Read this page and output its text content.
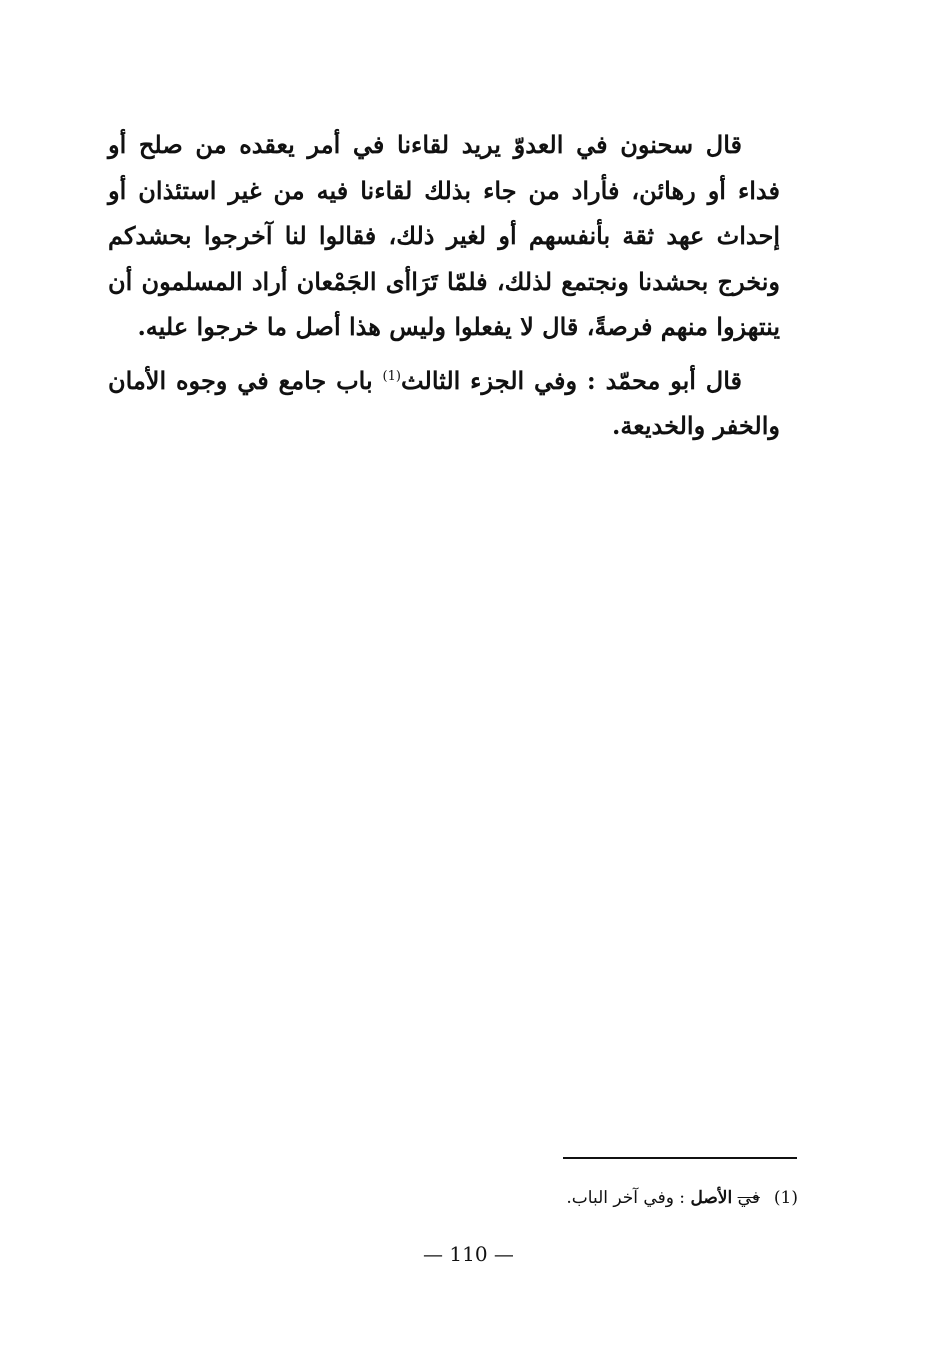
قال سحنون في العدوّ يريد لقاءنا في أمر يعقده من صلح أو فداء أو رهائن، فأراد من جاء بذلك لقاءنا فيه من غير استئذان أو إحداث عهد ثقة بأنفسهم أو لغير ذلك، فقالوا لنا آخرجوا بحشدكم ونخرج بحشدنا ونجتمع لذلك، فلمّا تَرَاأى الجَمْعان أراد المسلمون أن ينتهزوا منهم فرصةً، قال لا يفعلوا وليس هذا أصل ما خرجوا عليه.

قال أبو محمّد : وفي الجزء الثالث$^{(1)}$ باب جامع في وجوه الأمان والخفر والخديعة.

(1)في الأصل : وفي آخر الباب.
— 110 —
